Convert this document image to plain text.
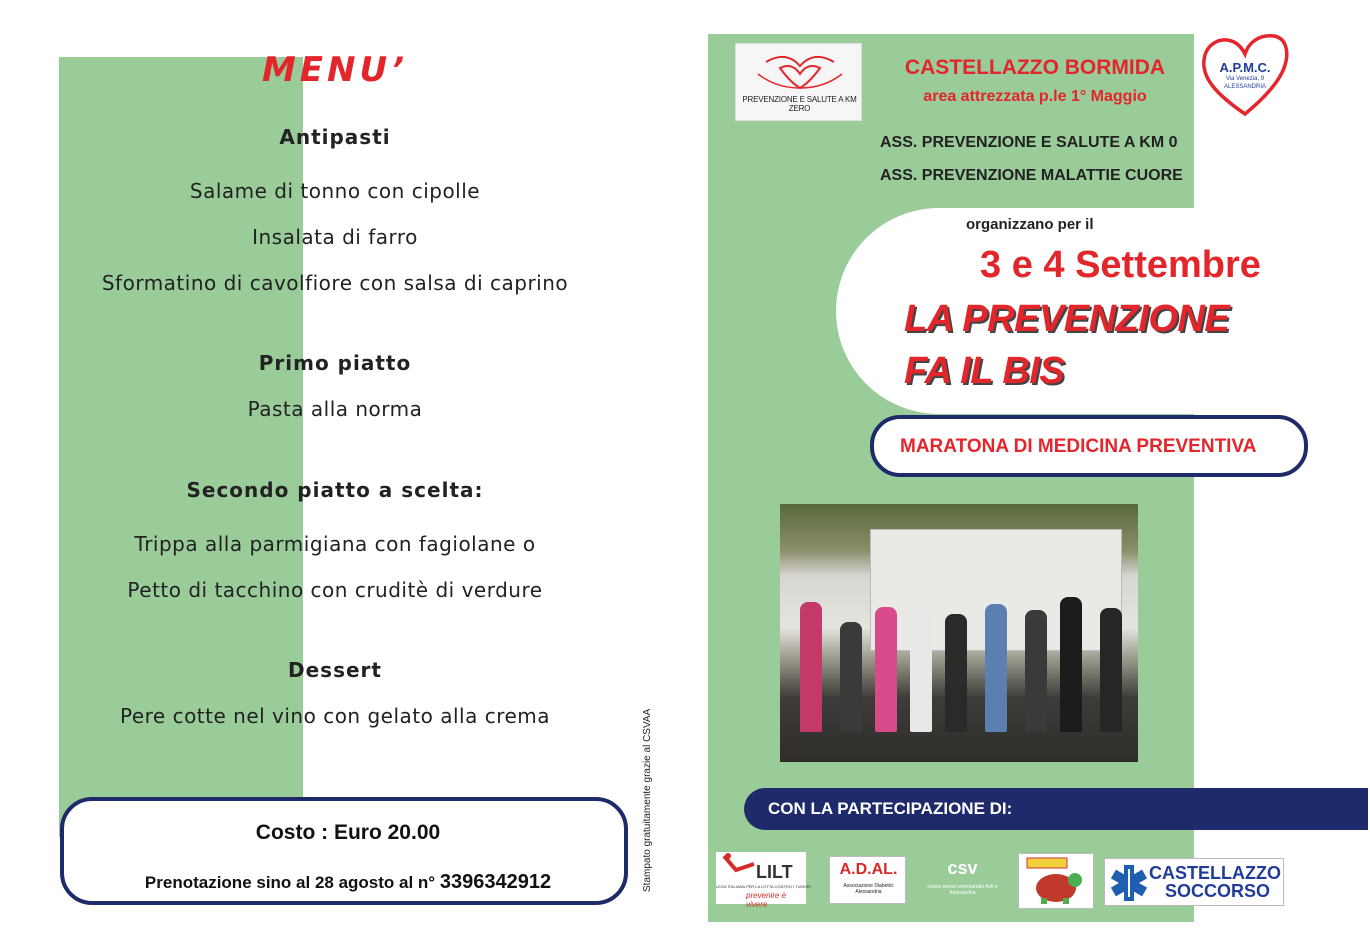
MENU’
Antipasti
Salame di tonno con cipolle
Insalata di farro
Sformatino di cavolfiore con salsa di caprino
Primo piatto
Pasta alla norma
Secondo piatto a scelta:
Trippa alla parmigiana con fagiolane o
Petto di tacchino con cruditè di verdure
Dessert
Pere cotte nel vino con gelato alla crema
Costo : Euro 20.00
Prenotazione sino al 28 agosto al n° 3396342912	Stampato gratuitamente grazie al CSVAA
PREVENZIONE E SALUTE A KM ZERO
CASTELLAZZO BORMIDA
area attrezzata p.le 1° Maggio
A.P.M.C.
Via Venezia, 9
ALESSANDRIA
ASS. PREVENZIONE E SALUTE A KM 0
ASS. PREVENZIONE MALATTIE CUORE
organizzano per il
3 e 4 Settembre
LA PREVENZIONE
FA IL BIS
MARATONA DI MEDICINA PREVENTIVA
CON LA PARTECIPAZIONE DI:
LILT
LEGA ITALIANA PER LA LOTTA CONTRO I TUMORI
prevenire è vivere
A.D.AL.
Associazione Diabetici Alessandria
csv
centro servizi volontariato Asti e Alessandria
CASTELLAZZO
SOCCORSO
